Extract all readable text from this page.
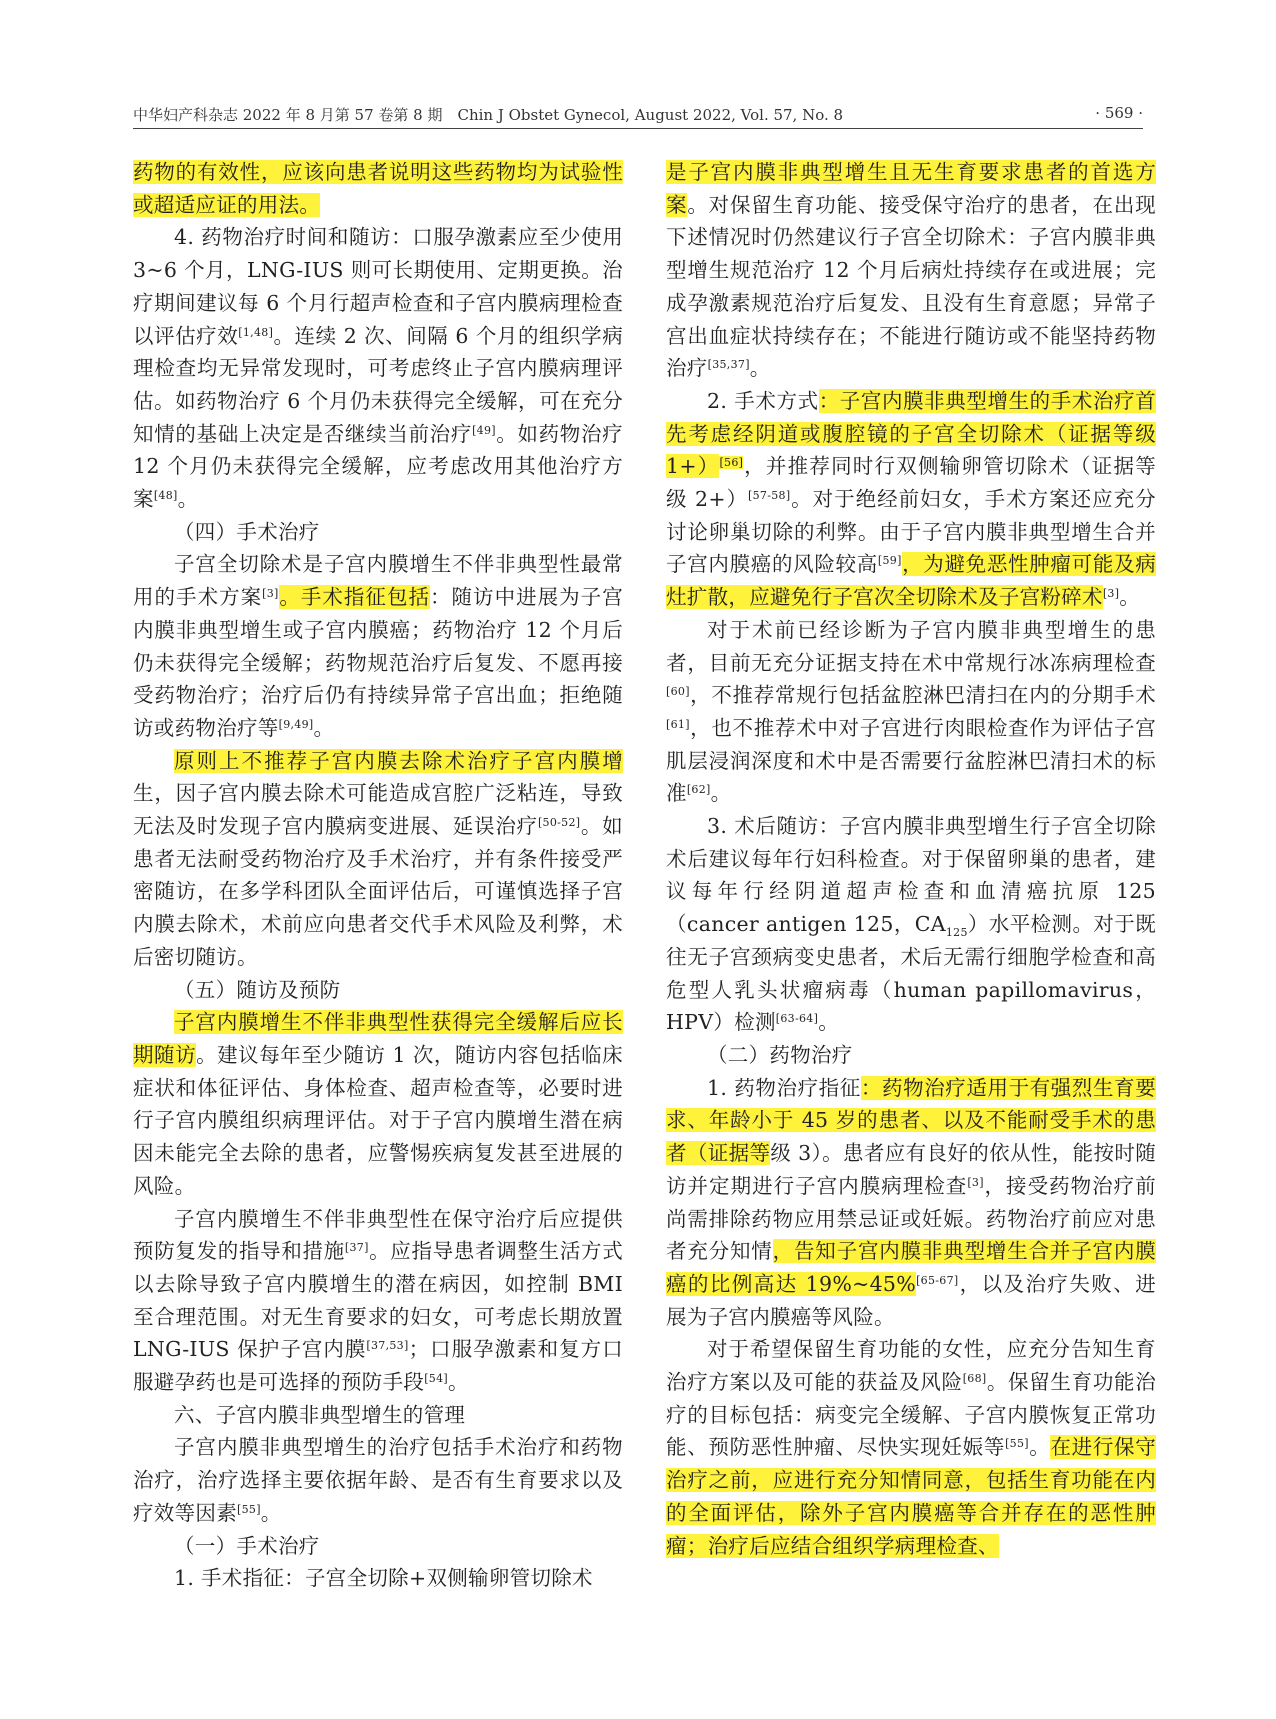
中华妇产科杂志 2022 年 8 月第 57 卷第 8 期　Chin J Obstet Gynecol, August 2022, Vol. 57, No. 8	· 569 ·

药物的有效性，应该向患者说明这些药物均为试验性或超适应证的用法。

4. 药物治疗时间和随访：口服孕激素应至少使用 3~6 个月，LNG-IUS 则可长期使用、定期更换。治疗期间建议每 6 个月行超声检查和子宫内膜病理检查以评估疗效[1,48]。连续 2 次、间隔 6 个月的组织学病理检查均无异常发现时，可考虑终止子宫内膜病理评估。如药物治疗 6 个月仍未获得完全缓解，可在充分知情的基础上决定是否继续当前治疗[49]。如药物治疗 12 个月仍未获得完全缓解，应考虑改用其他治疗方案[48]。

（四）手术治疗

子宫全切除术是子宫内膜增生不伴非典型性最常用的手术方案[3]。手术指征包括：随访中进展为子宫内膜非典型增生或子宫内膜癌；药物治疗 12 个月后仍未获得完全缓解；药物规范治疗后复发、不愿再接受药物治疗；治疗后仍有持续异常子宫出血；拒绝随访或药物治疗等[9,49]。

原则上不推荐子宫内膜去除术治疗子宫内膜增生，因子宫内膜去除术可能造成宫腔广泛粘连，导致无法及时发现子宫内膜病变进展、延误治疗[50-52]。如患者无法耐受药物治疗及手术治疗，并有条件接受严密随访，在多学科团队全面评估后，可谨慎选择子宫内膜去除术，术前应向患者交代手术风险及利弊，术后密切随访。

（五）随访及预防

子宫内膜增生不伴非典型性获得完全缓解后应长期随访。建议每年至少随访 1 次，随访内容包括临床症状和体征评估、身体检查、超声检查等，必要时进行子宫内膜组织病理评估。对于子宫内膜增生潜在病因未能完全去除的患者，应警惕疾病复发甚至进展的风险。

子宫内膜增生不伴非典型性在保守治疗后应提供预防复发的指导和措施[37]。应指导患者调整生活方式以去除导致子宫内膜增生的潜在病因，如控制 BMI 至合理范围。对无生育要求的妇女，可考虑长期放置 LNG-IUS 保护子宫内膜[37,53]；口服孕激素和复方口服避孕药也是可选择的预防手段[54]。

六、子宫内膜非典型增生的管理

子宫内膜非典型增生的治疗包括手术治疗和药物治疗，治疗选择主要依据年龄、是否有生育要求以及疗效等因素[55]。

（一）手术治疗

1. 手术指征：子宫全切除+双侧输卵管切除术

是子宫内膜非典型增生且无生育要求患者的首选方案。对保留生育功能、接受保守治疗的患者，在出现下述情况时仍然建议行子宫全切除术：子宫内膜非典型增生规范治疗 12 个月后病灶持续存在或进展；完成孕激素规范治疗后复发、且没有生育意愿；异常子宫出血症状持续存在；不能进行随访或不能坚持药物治疗[35,37]。

2. 手术方式：子宫内膜非典型增生的手术治疗首先考虑经阴道或腹腔镜的子宫全切除术（证据等级 1+）[56]，并推荐同时行双侧输卵管切除术（证据等级 2+）[57-58]。对于绝经前妇女，手术方案还应充分讨论卵巢切除的利弊。由于子宫内膜非典型增生合并子宫内膜癌的风险较高[59]，为避免恶性肿瘤可能及病灶扩散，应避免行子宫次全切除术及子宫粉碎术[3]。

对于术前已经诊断为子宫内膜非典型增生的患者，目前无充分证据支持在术中常规行冰冻病理检查[60]，不推荐常规行包括盆腔淋巴清扫在内的分期手术[61]，也不推荐术中对子宫进行肉眼检查作为评估子宫肌层浸润深度和术中是否需要行盆腔淋巴清扫术的标准[62]。

3. 术后随访：子宫内膜非典型增生行子宫全切除术后建议每年行妇科检查。对于保留卵巢的患者，建议每年行经阴道超声检查和血清癌抗原 125（cancer antigen 125，$CA_{125}$）水平检测。对于既往无子宫颈病变史患者，术后无需行细胞学检查和高危型人乳头状瘤病毒（human papillomavirus，HPV）检测[63-64]。

（二）药物治疗

1. 药物治疗指征：药物治疗适用于有强烈生育要求、年龄小于 45 岁的患者、以及不能耐受手术的患者（证据等级 3）。患者应有良好的依从性，能按时随访并定期进行子宫内膜病理检查[3]，接受药物治疗前尚需排除药物应用禁忌证或妊娠。药物治疗前应对患者充分知情，告知子宫内膜非典型增生合并子宫内膜癌的比例高达 19%~45%[65-67]，以及治疗失败、进展为子宫内膜癌等风险。

对于希望保留生育功能的女性，应充分告知生育治疗方案以及可能的获益及风险[68]。保留生育功能治疗的目标包括：病变完全缓解、子宫内膜恢复正常功能、预防恶性肿瘤、尽快实现妊娠等[55]。在进行保守治疗之前，应进行充分知情同意，包括生育功能在内的全面评估，除外子宫内膜癌等合并存在的恶性肿瘤；治疗后应结合组织学病理检查、
